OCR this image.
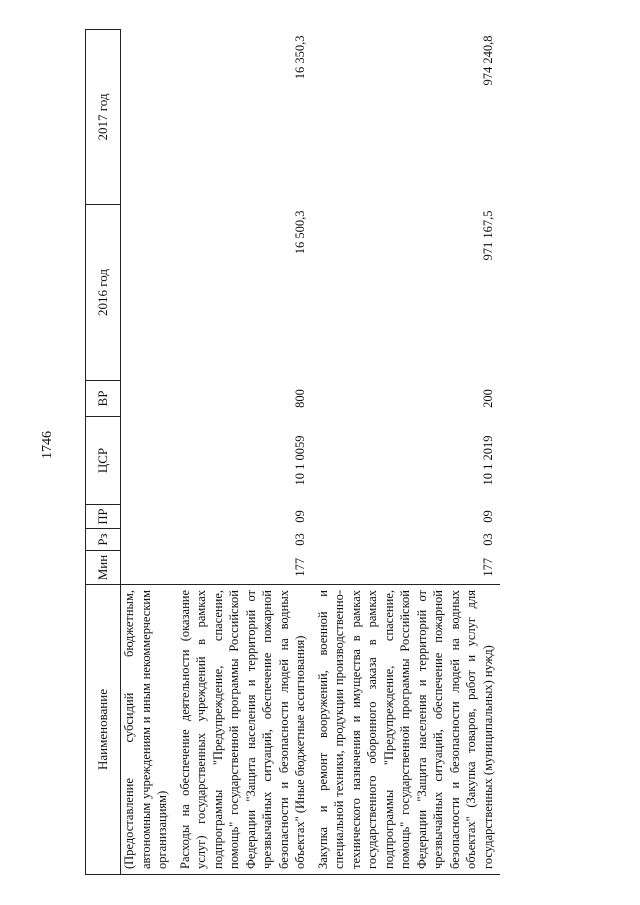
1746
Наименование	Мин	Рз	ПР	ЦСР	ВР	2016 год	2017 год
(Предоставление субсидий бюджетным, автономным учреждениям и иным некоммерческим организациям)							
Расходы на обеспечение деятельности (оказание услуг) государственных учреждений в рамках подпрограммы "Предупреждение, спасение, помощь" государственной программы Российской Федерации "Защита населения и территорий от чрезвычайных ситуаций, обеспечение пожарной безопасности и безопасности людей на водных объектах" (Иные бюджетные ассигнования)	177	03	09	10 1 0059	800	16 500,3	16 350,3
Закупка и ремонт вооружений, военной и специальной техники, продукции производственно-технического назначения и имущества в рамках государственного оборонного заказа в рамках подпрограммы "Предупреждение, спасение, помощь" государственной программы Российской Федерации "Защита населения и территорий от чрезвычайных ситуаций, обеспечение пожарной безопасности и безопасности людей на водных объектах" (Закупка товаров, работ и услуг для государственных (муниципальных) нужд)	177	03	09	10 1 2019	200	971 167,5	974 240,8
